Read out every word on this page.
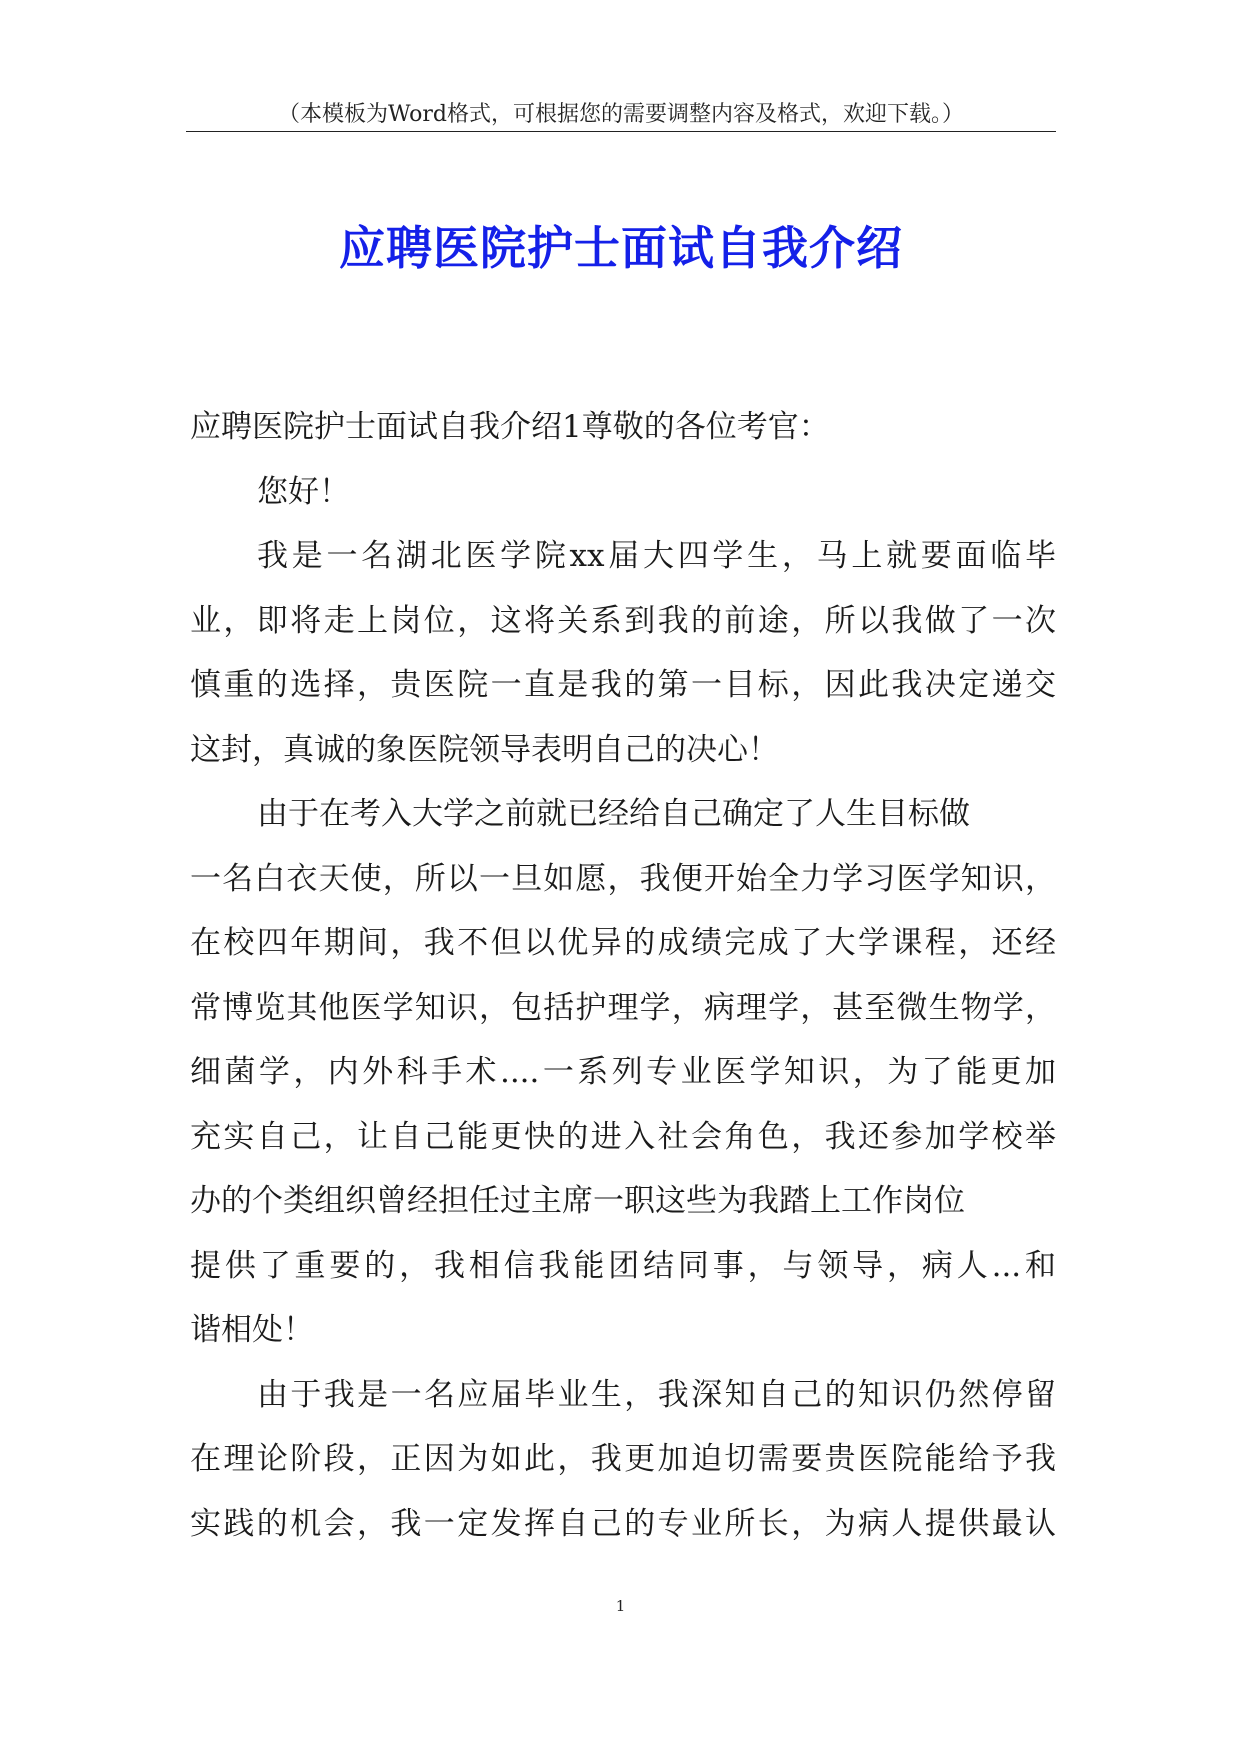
（本模板为Word格式，可根据您的需要调整内容及格式，欢迎下载。）
应聘医院护士面试自我介绍
应聘医院护士面试自我介绍1尊敬的各位考官：
您好！
我是一名湖北医学院xx届大四学生，马上就要面临毕
业，即将走上岗位，这将关系到我的前途，所以我做了一次
慎重的选择，贵医院一直是我的第一目标，因此我决定递交
这封，真诚的象医院领导表明自己的决心！
由于在考入大学之前就已经给自己确定了人生目标做
一名白衣天使，所以一旦如愿，我便开始全力学习医学知识，
在校四年期间，我不但以优异的成绩完成了大学课程，还经
常博览其他医学知识，包括护理学，病理学，甚至微生物学，
细菌学，内外科手术....一系列专业医学知识，为了能更加
充实自己，让自己能更快的进入社会角色，我还参加学校举
办的个类组织曾经担任过主席一职这些为我踏上工作岗位
提供了重要的，我相信我能团结同事，与领导，病人...和
谐相处！
由于我是一名应届毕业生，我深知自己的知识仍然停留
在理论阶段，正因为如此，我更加迫切需要贵医院能给予我
实践的机会，我一定发挥自己的专业所长，为病人提供最认
1
